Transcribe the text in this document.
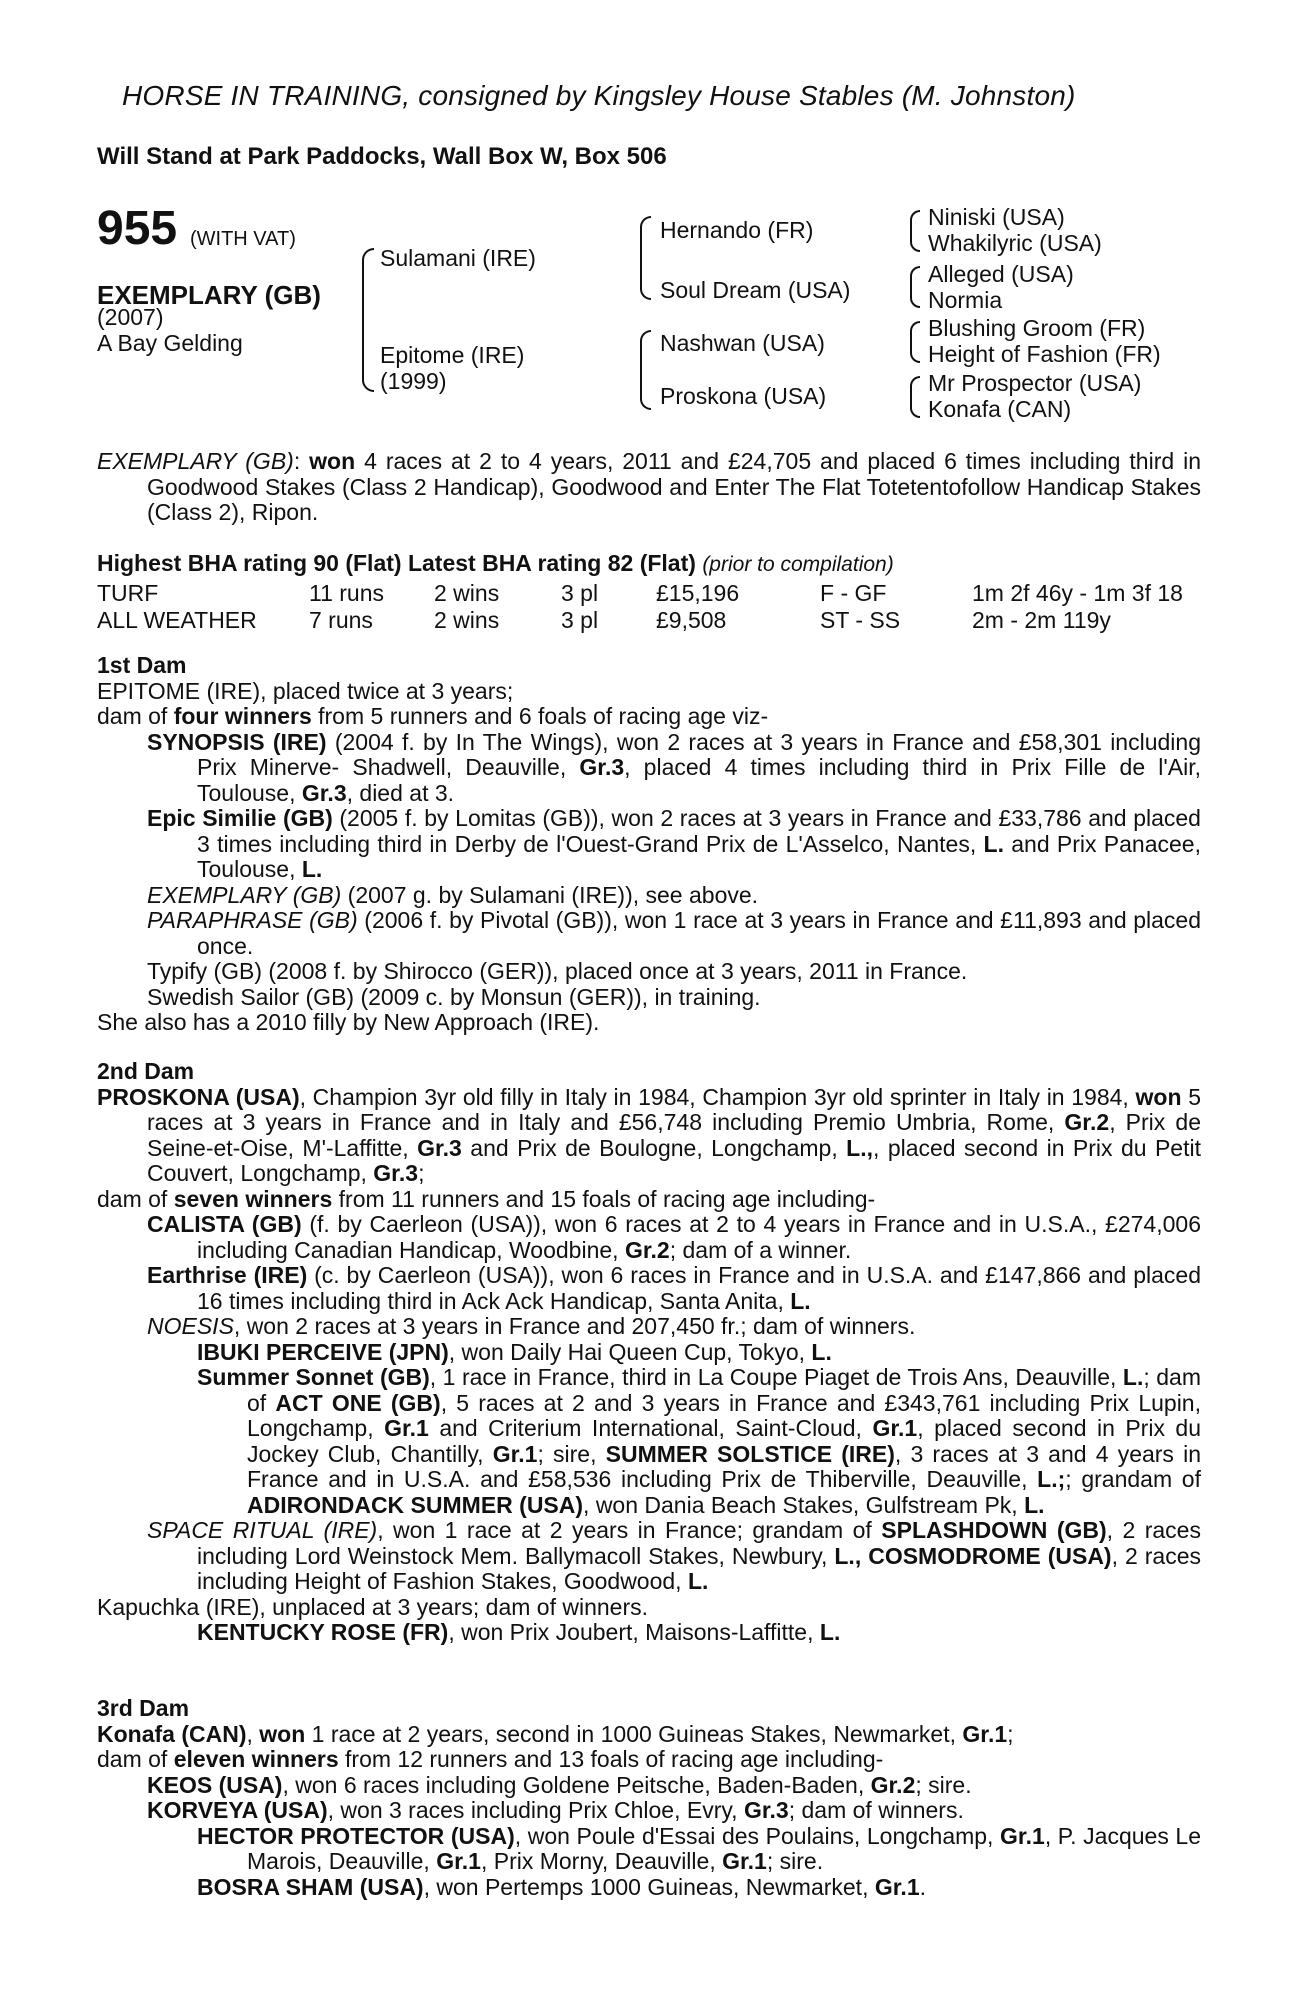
HORSE IN TRAINING, consigned by Kingsley House Stables (M. Johnston)
Will Stand at Park Paddocks, Wall Box W, Box 506
955 (WITH VAT)
EXEMPLARY (GB)
(2007)
A Bay Gelding
Sulamani (IRE)
Epitome (IRE)
(1999)
Hernando (FR)
Soul Dream (USA)
Nashwan (USA)
Proskona (USA)
Niniski (USA)
Whakilyric (USA)
Alleged (USA)
Normia
Blushing Groom (FR)
Height of Fashion (FR)
Mr Prospector (USA)
Konafa (CAN)

EXEMPLARY (GB): won 4 races at 2 to 4 years, 2011 and £24,705 and placed 6 times including third in Goodwood Stakes (Class 2 Handicap), Goodwood and Enter The Flat Totetentofollow Handicap Stakes (Class 2), Ripon.

Highest BHA rating 90 (Flat) Latest BHA rating 82 (Flat) (prior to compilation)

TURF	11 runs	2 wins	3 pl	£15,196	F - GF	1m 2f 46y - 1m 3f 18
ALL WEATHER	7 runs	2 wins	3 pl	£9,508	ST - SS	2m - 2m 119y

1st Dam

EPITOME (IRE), placed twice at 3 years;

dam of four winners from 5 runners and 6 foals of racing age viz-

SYNOPSIS (IRE) (2004 f. by In The Wings), won 2 races at 3 years in France and £58,301 including Prix Minerve- Shadwell, Deauville, Gr.3, placed 4 times including third in Prix Fille de l'Air, Toulouse, Gr.3, died at 3.

Epic Similie (GB) (2005 f. by Lomitas (GB)), won 2 races at 3 years in France and £33,786 and placed 3 times including third in Derby de l'Ouest-Grand Prix de L'Asselco, Nantes, L. and Prix Panacee, Toulouse, L.

EXEMPLARY (GB) (2007 g. by Sulamani (IRE)), see above.

PARAPHRASE (GB) (2006 f. by Pivotal (GB)), won 1 race at 3 years in France and £11,893 and placed once.

Typify (GB) (2008 f. by Shirocco (GER)), placed once at 3 years, 2011 in France.

Swedish Sailor (GB) (2009 c. by Monsun (GER)), in training.

She also has a 2010 filly by New Approach (IRE).

2nd Dam

PROSKONA (USA), Champion 3yr old filly in Italy in 1984, Champion 3yr old sprinter in Italy in 1984, won 5 races at 3 years in France and in Italy and £56,748 including Premio Umbria, Rome, Gr.2, Prix de Seine-et-Oise, M'-Laffitte, Gr.3 and Prix de Boulogne, Longchamp, L.,, placed second in Prix du Petit Couvert, Longchamp, Gr.3;

dam of seven winners from 11 runners and 15 foals of racing age including-

CALISTA (GB) (f. by Caerleon (USA)), won 6 races at 2 to 4 years in France and in U.S.A., £274,006 including Canadian Handicap, Woodbine, Gr.2; dam of a winner.

Earthrise (IRE) (c. by Caerleon (USA)), won 6 races in France and in U.S.A. and £147,866 and placed 16 times including third in Ack Ack Handicap, Santa Anita, L.

NOESIS, won 2 races at 3 years in France and 207,450 fr.; dam of winners.

IBUKI PERCEIVE (JPN), won Daily Hai Queen Cup, Tokyo, L.

Summer Sonnet (GB), 1 race in France, third in La Coupe Piaget de Trois Ans, Deauville, L.; dam of ACT ONE (GB), 5 races at 2 and 3 years in France and £343,761 including Prix Lupin, Longchamp, Gr.1 and Criterium International, Saint-Cloud, Gr.1, placed second in Prix du Jockey Club, Chantilly, Gr.1; sire, SUMMER SOLSTICE (IRE), 3 races at 3 and 4 years in France and in U.S.A. and £58,536 including Prix de Thiberville, Deauville, L.;; grandam of ADIRONDACK SUMMER (USA), won Dania Beach Stakes, Gulfstream Pk, L.

SPACE RITUAL (IRE), won 1 race at 2 years in France; grandam of SPLASHDOWN (GB), 2 races including Lord Weinstock Mem. Ballymacoll Stakes, Newbury, L., COSMODROME (USA), 2 races including Height of Fashion Stakes, Goodwood, L.

Kapuchka (IRE), unplaced at 3 years; dam of winners.

KENTUCKY ROSE (FR), won Prix Joubert, Maisons-Laffitte, L.

3rd Dam

Konafa (CAN), won 1 race at 2 years, second in 1000 Guineas Stakes, Newmarket, Gr.1;

dam of eleven winners from 12 runners and 13 foals of racing age including-

KEOS (USA), won 6 races including Goldene Peitsche, Baden-Baden, Gr.2; sire.

KORVEYA (USA), won 3 races including Prix Chloe, Evry, Gr.3; dam of winners.

HECTOR PROTECTOR (USA), won Poule d'Essai des Poulains, Longchamp, Gr.1, P. Jacques Le Marois, Deauville, Gr.1, Prix Morny, Deauville, Gr.1; sire.

BOSRA SHAM (USA), won Pertemps 1000 Guineas, Newmarket, Gr.1.
